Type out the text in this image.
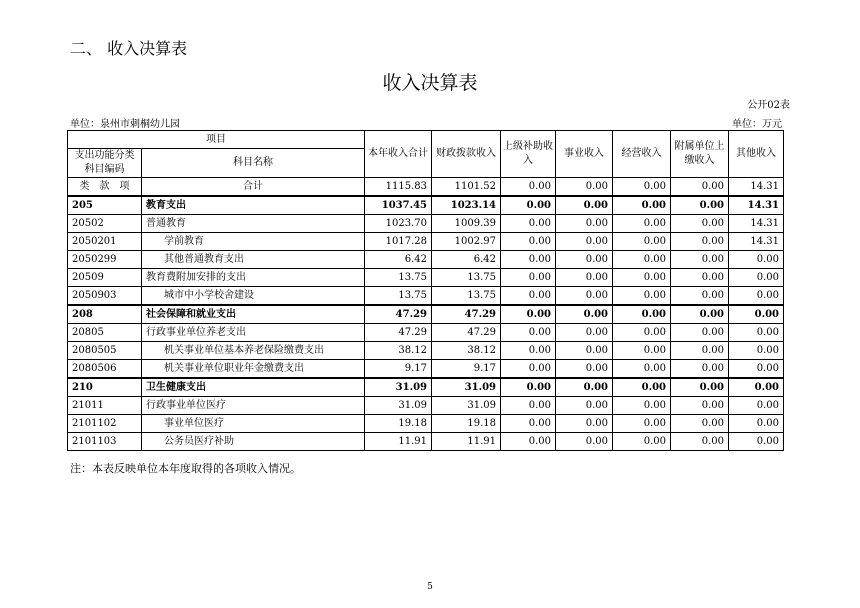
二、 收入决算表
收入决算表
公开02表
单位：泉州市刺桐幼儿园	单位：万元
项目		本年收入合计	财政拨款收入	上级补助收入	事业收入	经营收入	附属单位上缴收入	其他收入
支出功能分类科目编码	科目名称							

类　款　项	合计	1115.83	1101.52	0.00	0.00	0.00	0.00	14.31
205	教育支出	1037.45	1023.14	0.00	0.00	0.00	0.00	14.31
20502	普通教育	1023.70	1009.39	0.00	0.00	0.00	0.00	14.31
2050201	学前教育	1017.28	1002.97	0.00	0.00	0.00	0.00	14.31
2050299	其他普通教育支出	6.42	6.42	0.00	0.00	0.00	0.00	0.00
20509	教育费附加安排的支出	13.75	13.75	0.00	0.00	0.00	0.00	0.00
2050903	城市中小学校舍建设	13.75	13.75	0.00	0.00	0.00	0.00	0.00
208	社会保障和就业支出	47.29	47.29	0.00	0.00	0.00	0.00	0.00
20805	行政事业单位养老支出	47.29	47.29	0.00	0.00	0.00	0.00	0.00
2080505	机关事业单位基本养老保险缴费支出	38.12	38.12	0.00	0.00	0.00	0.00	0.00
2080506	机关事业单位职业年金缴费支出	9.17	9.17	0.00	0.00	0.00	0.00	0.00
210	卫生健康支出	31.09	31.09	0.00	0.00	0.00	0.00	0.00
21011	行政事业单位医疗	31.09	31.09	0.00	0.00	0.00	0.00	0.00
2101102	事业单位医疗	19.18	19.18	0.00	0.00	0.00	0.00	0.00
2101103	公务员医疗补助	11.91	11.91	0.00	0.00	0.00	0.00	0.00
注：本表反映单位本年度取得的各项收入情况。
5
